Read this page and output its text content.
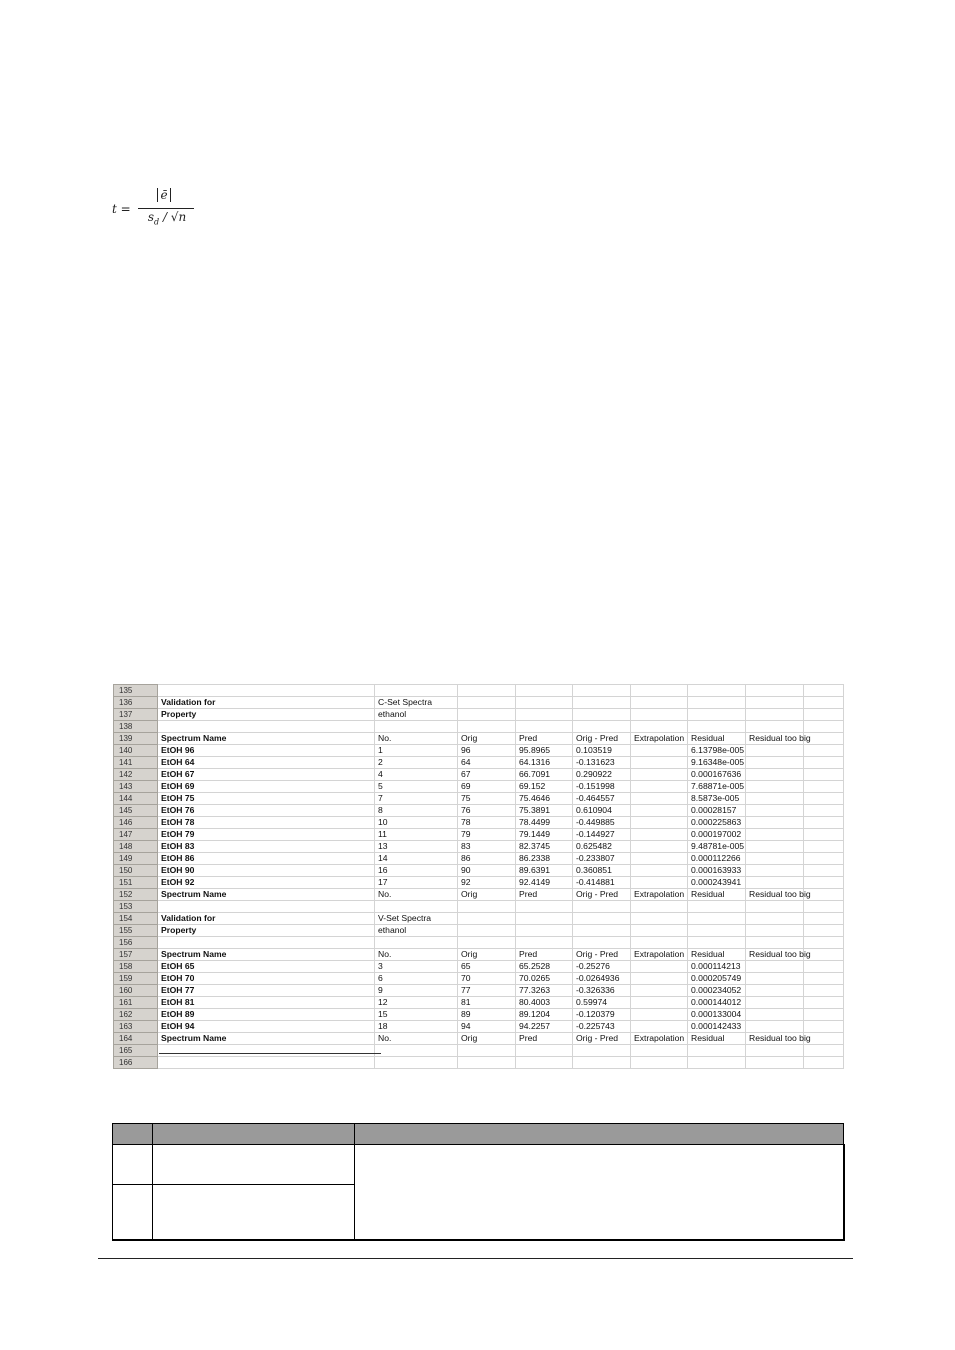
t =
ē
$s_d / √n$
135									
136	Validation for	C-Set Spectra							
137	Property	ethanol							
138									
139	Spectrum Name	No.	Orig	Pred	Orig - Pred	Extrapolation	Residual	Residual too big	
140	EtOH 96	1	96	95.8965	0.103519		6.13798e-005		
141	EtOH 64	2	64	64.1316	-0.131623		9.16348e-005		
142	EtOH 67	4	67	66.7091	0.290922		0.000167636		
143	EtOH 69	5	69	69.152	-0.151998		7.68871e-005		
144	EtOH 75	7	75	75.4646	-0.464557		8.5873e-005		
145	EtOH 76	8	76	75.3891	0.610904		0.00028157		
146	EtOH 78	10	78	78.4499	-0.449885		0.000225863		
147	EtOH 79	11	79	79.1449	-0.144927		0.000197002		
148	EtOH 83	13	83	82.3745	0.625482		9.48781e-005		
149	EtOH 86	14	86	86.2338	-0.233807		0.000112266		
150	EtOH 90	16	90	89.6391	0.360851		0.000163933		
151	EtOH 92	17	92	92.4149	-0.414881		0.000243941		
152	Spectrum Name	No.	Orig	Pred	Orig - Pred	Extrapolation	Residual	Residual too big	
153									
154	Validation for	V-Set Spectra							
155	Property	ethanol							
156									
157	Spectrum Name	No.	Orig	Pred	Orig - Pred	Extrapolation	Residual	Residual too big	
158	EtOH 65	3	65	65.2528	-0.25276		0.000114213		
159	EtOH 70	6	70	70.0265	-0.0264936		0.000205749		
160	EtOH 77	9	77	77.3263	-0.326336		0.000234052		
161	EtOH 81	12	81	80.4003	0.59974		0.000144012		
162	EtOH 89	15	89	89.1204	-0.120379		0.000133004		
163	EtOH 94	18	94	94.2257	-0.225743		0.000142433		
164	Spectrum Name	No.	Orig	Pred	Orig - Pred	Extrapolation	Residual	Residual too big	
165									
166									
